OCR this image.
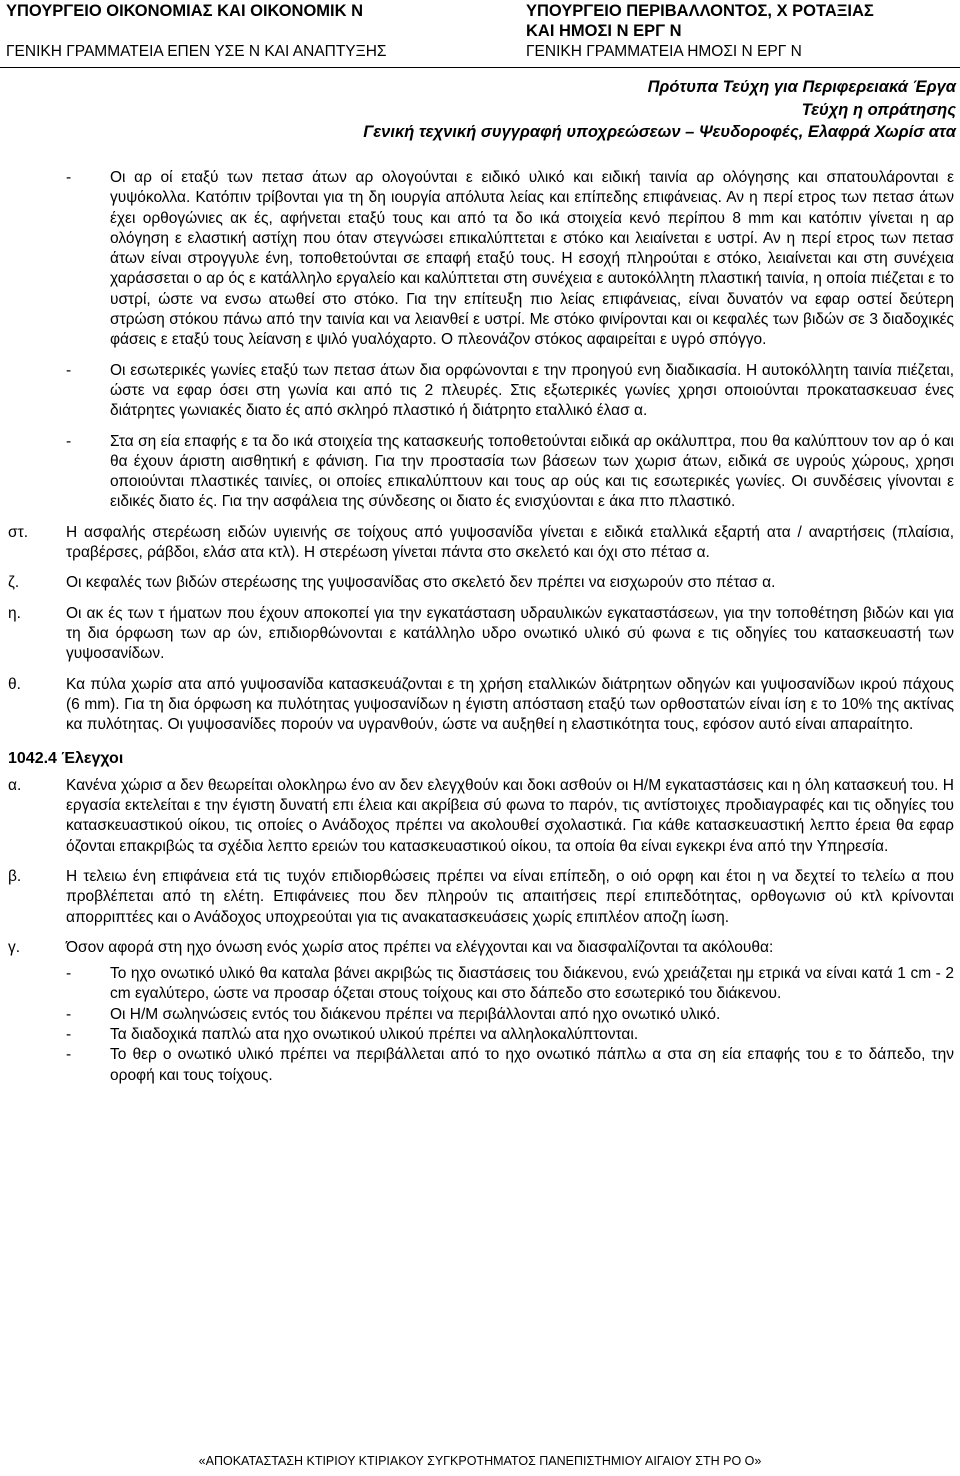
ΥΠΟΥΡΓΕΙΟ ΟΙΚΟΝΟΜΙΑΣ ΚΑΙ ΟΙΚΟΝΟΜΙΚ Ν
ΓΕΝΙΚΗ ΓΡΑΜΜΑΤΕΙΑ ΕΠΕΝ ΥΣΕ Ν ΚΑΙ ΑΝΑΠΤΥΞΗΣ
ΥΠΟΥΡΓΕΙΟ ΠΕΡΙΒΑΛΛΟΝΤΟΣ, Χ ΡΟΤΑΞΙΑΣ
ΚΑΙ ΗΜΟΣΙ Ν ΕΡΓ Ν
ΓΕΝΙΚΗ ΓΡΑΜΜΑΤΕΙΑ ΗΜΟΣΙ Ν ΕΡΓ Ν
Πρότυπα Τεύχη για Περιφερειακά Έργα
Τεύχη η οπράτησης
Γενική τεχνική συγγραφή υποχρεώσεων – Ψευδοροφές, Ελαφρά Χωρίσ ατα
-	Οι αρ οί εταξύ των πετασ άτων αρ ολογούνται ε ειδικό υλικό και ειδική ταινία αρ ολόγησης και σπατουλάρονται ε γυψόκολλα. Κατόπιν τρίβονται για τη δη ιουργία απόλυτα λείας και επίπεδης επιφάνειας. Αν η περί ετρος των πετασ άτων έχει ορθογώνιες ακ ές, αφήνεται εταξύ τους και από τα δο ικά στοιχεία κενό περίπου 8 mm και κατόπιν γίνεται η αρ ολόγηση ε ελαστική αστίχη που όταν στεγνώσει επικαλύπτεται ε στόκο και λειαίνεται ε υστρί. Αν η περί ετρος των πετασ άτων είναι στρογγυλε ένη, τοποθετούνται σε επαφή εταξύ τους. Η εσοχή πληρούται ε στόκο, λειαίνεται και στη συνέχεια χαράσσεται ο αρ ός ε κατάλληλο εργαλείο και καλύπτεται στη συνέχεια ε αυτοκόλλητη πλαστική ταινία, η οποία πιέζεται ε το υστρί, ώστε να ενσω ατωθεί στο στόκο. Για την επίτευξη πιο λείας επιφάνειας, είναι δυνατόν να εφαρ οστεί δεύτερη στρώση στόκου πάνω από την ταινία και να λειανθεί ε υστρί. Με στόκο φινίρονται και οι κεφαλές των βιδών σε 3 διαδοχικές φάσεις ε εταξύ τους λείανση ε ψιλό γυαλόχαρτο. Ο πλεονάζον στόκος αφαιρείται ε υγρό σπόγγο.
-	Οι εσωτερικές γωνίες εταξύ των πετασ άτων δια ορφώνονται ε την προηγού ενη διαδικασία. Η αυτοκόλλητη ταινία πιέζεται, ώστε να εφαρ όσει στη γωνία και από τις 2 πλευρές. Στις εξωτερικές γωνίες χρησι οποιούνται προκατασκευασ ένες διάτρητες γωνιακές διατο ές από σκληρό πλαστικό ή διάτρητο εταλλικό έλασ α.
-	Στα ση εία επαφής ε τα δο ικά στοιχεία της κατασκευής τοποθετούνται ειδικά αρ οκάλυπτρα, που θα καλύπτουν τον αρ ό και θα έχουν άριστη αισθητική ε φάνιση. Για την προστασία των βάσεων των χωρισ άτων, ειδικά σε υγρούς χώρους, χρησι οποιούνται πλαστικές ταινίες, οι οποίες επικαλύπτουν και τους αρ ούς και τις εσωτερικές γωνίες. Οι συνδέσεις γίνονται ε ειδικές διατο ές. Για την ασφάλεια της σύνδεσης οι διατο ές ενισχύονται ε άκα πτο πλαστικό.
στ.	Η ασφαλής στερέωση ειδών υγιεινής σε τοίχους από γυψοσανίδα γίνεται ε ειδικά εταλλικά εξαρτή ατα / αναρτήσεις (πλαίσια, τραβέρσες, ράβδοι, ελάσ ατα κτλ). Η στερέωση γίνεται πάντα στο σκελετό και όχι στο πέτασ α.
ζ.	Οι κεφαλές των βιδών στερέωσης της γυψοσανίδας στο σκελετό δεν πρέπει να εισχωρούν στο πέτασ α.
η.	Οι ακ ές των τ ήματων που έχουν αποκοπεί για την εγκατάσταση υδραυλικών εγκαταστάσεων, για την τοποθέτηση βιδών και για τη δια όρφωση των αρ ών, επιδιορθώνονται ε κατάλληλο υδρο ονωτικό υλικό σύ φωνα ε τις οδηγίες του κατασκευαστή των γυψοσανίδων.
θ.	Κα πύλα χωρίσ ατα από γυψοσανίδα κατασκευάζονται ε τη χρήση εταλλικών διάτρητων οδηγών και γυψοσανίδων ικρού πάχους (6 mm). Για τη δια όρφωση κα πυλότητας γυψοσανίδων η έγιστη απόσταση εταξύ των ορθοστατών είναι ίση ε το 10% της ακτίνας κα πυλότητας. Οι γυψοσανίδες πορούν να υγρανθούν, ώστε να αυξηθεί η ελαστικότητα τους, εφόσον αυτό είναι απαραίτητο.
1042.4 Έλεγχοι
α.	Κανένα χώρισ α δεν θεωρείται ολοκληρω ένο αν δεν ελεγχθούν και δοκι ασθούν οι Η/Μ εγκαταστάσεις και η όλη κατασκευή του. Η εργασία εκτελείται ε την έγιστη δυνατή επι έλεια και ακρίβεια σύ φωνα το παρόν, τις αντίστοιχες προδιαγραφές και τις οδηγίες του κατασκευαστικού οίκου, τις οποίες ο Ανάδοχος πρέπει να ακολουθεί σχολαστικά. Για κάθε κατασκευαστική λεπτο έρεια θα εφαρ όζονται επακριβώς τα σχέδια λεπτο ερειών του κατασκευαστικού οίκου, τα οποία θα είναι εγκεκρι ένα από την Υπηρεσία.
β.	Η τελειω ένη επιφάνεια ετά τις τυχόν επιδιορθώσεις πρέπει να είναι επίπεδη, ο οιό ορφη και έτοι η να δεχτεί το τελείω α που προβλέπεται από τη ελέτη. Επιφάνειες που δεν πληρούν τις απαιτήσεις περί επιπεδότητας, ορθογωνισ ού κτλ κρίνονται απορριπτέες και ο Ανάδοχος υποχρεούται για τις ανακατασκευάσεις χωρίς επιπλέον αποζη ίωση.
γ.	Όσον αφορά στη ηχο όνωση ενός χωρίσ ατος πρέπει να ελέγχονται και να διασφαλίζονται τα ακόλουθα:
-	Το ηχο ονωτικό υλικό θα καταλα βάνει ακριβώς τις διαστάσεις του διάκενου, ενώ χρειάζεται ημ ετρικά να είναι κατά 1 cm - 2 cm εγαλύτερο, ώστε να προσαρ όζεται στους τοίχους και στο δάπεδο στο εσωτερικό του διάκενου.
-	Οι Η/Μ σωληνώσεις εντός του διάκενου πρέπει να περιβάλλονται από ηχο ονωτικό υλικό.
-	Τα διαδοχικά παπλώ ατα ηχο ονωτικού υλικού πρέπει να αλληλοκαλύπτονται.
-	Το θερ ο ονωτικό υλικό πρέπει να περιβάλλεται από το ηχο ονωτικό πάπλω α στα ση εία επαφής του ε το δάπεδο, την οροφή και τους τοίχους.
«ΑΠΟΚΑΤΑΣΤΑΣΗ ΚΤΙΡΙΟΥ ΚΤΙΡΙΑΚΟΥ ΣΥΓΚΡΟΤΗΜΑΤΟΣ ΠΑΝΕΠΙΣΤΗΜΙΟΥ ΑΙΓΑΙΟΥ ΣΤΗ ΡΟ Ο»
